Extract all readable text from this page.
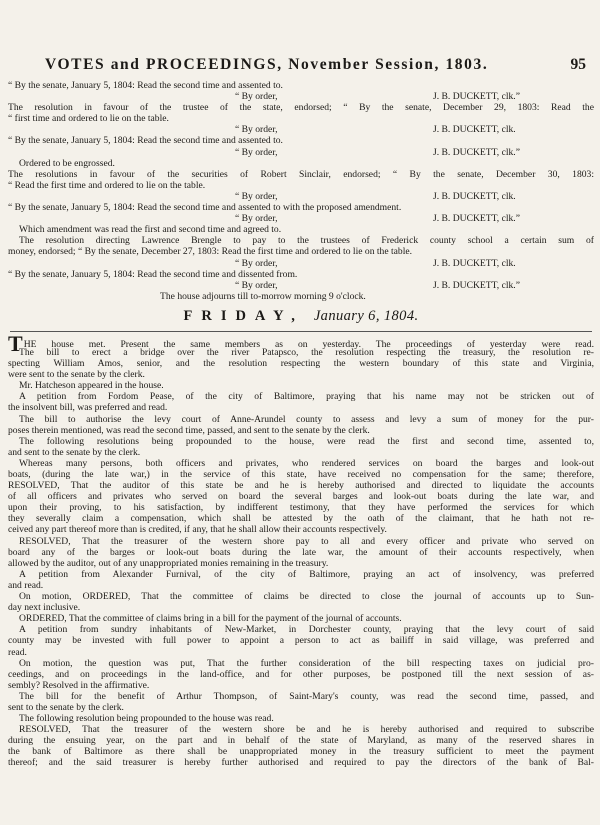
VOTES and PROCEEDINGS, November Session, 1803.	95
“ By the senate, January 5, 1804: Read the second time and assented to.
“ By order,	J. B. DUCKETT, clk.”
The resolution in favour of the trustee of the state, endorsed; “ By the senate, December 29, 1803: Read the
“ first time and ordered to lie on the table.
“ By order,	J. B. DUCKETT, clk.
“ By the senate, January 5, 1804: Read the second time and assented to.
“ By order,	J. B. DUCKETT, clk.”
Ordered to be engrossed.
The resolutions in favour of the securities of Robert Sinclair, endorsed; “ By the senate, December 30, 1803:
“ Read the first time and ordered to lie on the table.
“ By order,	J. B. DUCKETT, clk.
“ By the senate, January 5, 1804: Read the second time and assented to with the proposed amendment.
“ By order,	J. B. DUCKETT, clk.”
Which amendment was read the first and second time and agreed to.
The resolution directing Lawrence Brengle to pay to the trustees of Frederick county school a certain sum of
money, endorsed; “ By the senate, December 27, 1803: Read the first time and ordered to lie on the table.
“ By order,	J. B. DUCKETT, clk.
“ By the senate, January 5, 1804: Read the second time and dissented from.
“ By order,	J. B. DUCKETT, clk.”
The house adjourns till to-morrow morning 9 o'clock.
FRIDAY, January 6, 1804.
THE house met. Present the same members as on yesterday. The proceedings of yesterday were read.
The bill to erect a bridge over the river Patapsco, the resolution respecting the treasury, the resolution re-
specting William Amos, senior, and the resolution respecting the western boundary of this state and Virginia,
were sent to the senate by the clerk.
Mr. Hatcheson appeared in the house.
A petition from Fordom Pease, of the city of Baltimore, praying that his name may not be stricken out of
the insolvent bill, was preferred and read.
The bill to authorise the levy court of Anne-Arundel county to assess and levy a sum of money for the pur-
poses therein mentioned, was read the second time, passed, and sent to the senate by the clerk.
The following resolutions being propounded to the house, were read the first and second time, assented to,
and sent to the senate by the clerk.
Whereas many persons, both officers and privates, who rendered services on board the barges and look-out
boats, (during the late war,) in the service of this state, have received no compensation for the same; therefore,
RESOLVED, That the auditor of this state be and he is hereby authorised and directed to liquidate the accounts
of all officers and privates who served on board the several barges and look-out boats during the late war, and
upon their proving, to his satisfaction, by indifferent testimony, that they have performed the services for which
they severally claim a compensation, which shall be attested by the oath of the claimant, that he hath not re-
ceived any part thereof more than is credited, if any, that he shall allow their accounts respectively.
RESOLVED, That the treasurer of the western shore pay to all and every officer and private who served on
board any of the barges or look-out boats during the late war, the amount of their accounts respectively, when
allowed by the auditor, out of any unappropriated monies remaining in the treasury.
A petition from Alexander Furnival, of the city of Baltimore, praying an act of insolvency, was preferred
and read.
On motion, ORDERED, That the committee of claims be directed to close the journal of accounts up to Sun-
day next inclusive.
ORDERED, That the committee of claims bring in a bill for the payment of the journal of accounts.
A petition from sundry inhabitants of New-Market, in Dorchester county, praying that the levy court of said
county may be invested with full power to appoint a person to act as bailiff in said village, was preferred and
read.
On motion, the question was put, That the further consideration of the bill respecting taxes on judicial pro-
ceedings, and on proceedings in the land-office, and for other purposes, be postponed till the next session of as-
sembly? Resolved in the affirmative.
The bill for the benefit of Arthur Thompson, of Saint-Mary's county, was read the second time, passed, and
sent to the senate by the clerk.
The following resolution being propounded to the house was read.
RESOLVED, That the treasurer of the western shore be and he is hereby authorised and required to subscribe
during the ensuing year, on the part and in behalf of the state of Maryland, as many of the reserved shares in
the bank of Baltimore as there shall be unappropriated money in the treasury sufficient to meet the payment
thereof; and the said treasurer is hereby further authorised and required to pay the directors of the bank of Bal-
